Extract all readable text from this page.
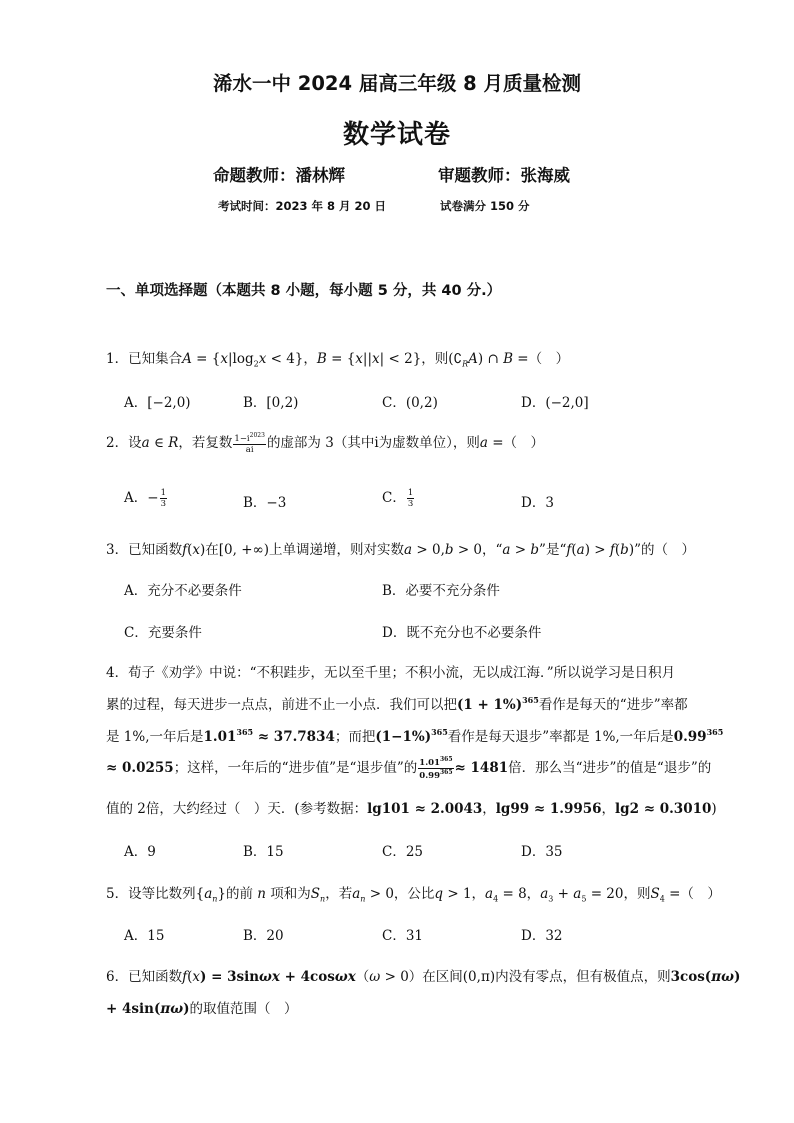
浠水一中 2024 届高三年级 8 月质量检测
数学试卷
命题教师：潘林辉	审题教师：张海威
考试时间：2023 年 8 月 20 日	试卷满分 150 分
一、单项选择题（本题共 8 小题，每小题 5 分，共 40 分.）
1．已知集合$A = \{x|\log_2x < 4\}$，B = {x||x| < 2}，则$(∁_RA)$ ∩ B =（　）
A．[−2,0)	B．[0,2)	C．(0,2)	D．(−2,0]
2．设a ∈ R，若复数 $\frac{1-i^{2023}}{ai}$ 的虚部为 3（其中i为虚数单位），则a =（　）
A．− $\frac{1}{3}$	B．−3	C． $\frac{1}{3}$	D．3
3．已知函数f(x)在[0, +∞)上单调递增，则对实数a > 0,b > 0，“a > b”是“f(a) > f(b)”的（　）
A．充分不必要条件	B．必要不充分条件
C．充要条件	D．既不充分也不必要条件
4．荀子《劝学》中说：“不积跬步，无以至千里；不积小流，无以成江海．”所以说学习是日积月
累的过程，每天进步一点点，前进不止一小点．我们可以把$(1 + 1\%)^{365}$看作是每天的“进步”率都
是 1%,一年后是$1.01^{365} \approx 37.7834$；而把$(1-1\%)^{365}$看作是每天退步”率都是 1%,一年后是$0.99^{365}$
≈ 0.0255；这样，一年后的“进步值”是“退步值”的 $\frac{1.01^{365}}{0.99^{365}} \approx 1481$倍．那么当“进步”的值是“退步”的
值的 2倍，大约经过（　）天．(参考数据：lg101 ≈ 2.0043，lg99 ≈ 1.9956，lg2 ≈ 0.3010)
A．9	B．15	C．25	D．35
5．设等比数列$\{a_n\}$的前 n 项和为$S_n$，若$a_n > 0$，公比q > 1，$a_4 = 8$，$a_3 + a_5 = 20$，则$S_4$ =（　）
A．15	B．20	C．31	D．32
6．已知函数f(x) = 3sinωx + 4cosωx（ω > 0）在区间(0,π)内没有零点，但有极值点，则3cos(πω)
+ 4sin(πω)的取值范围（　）
